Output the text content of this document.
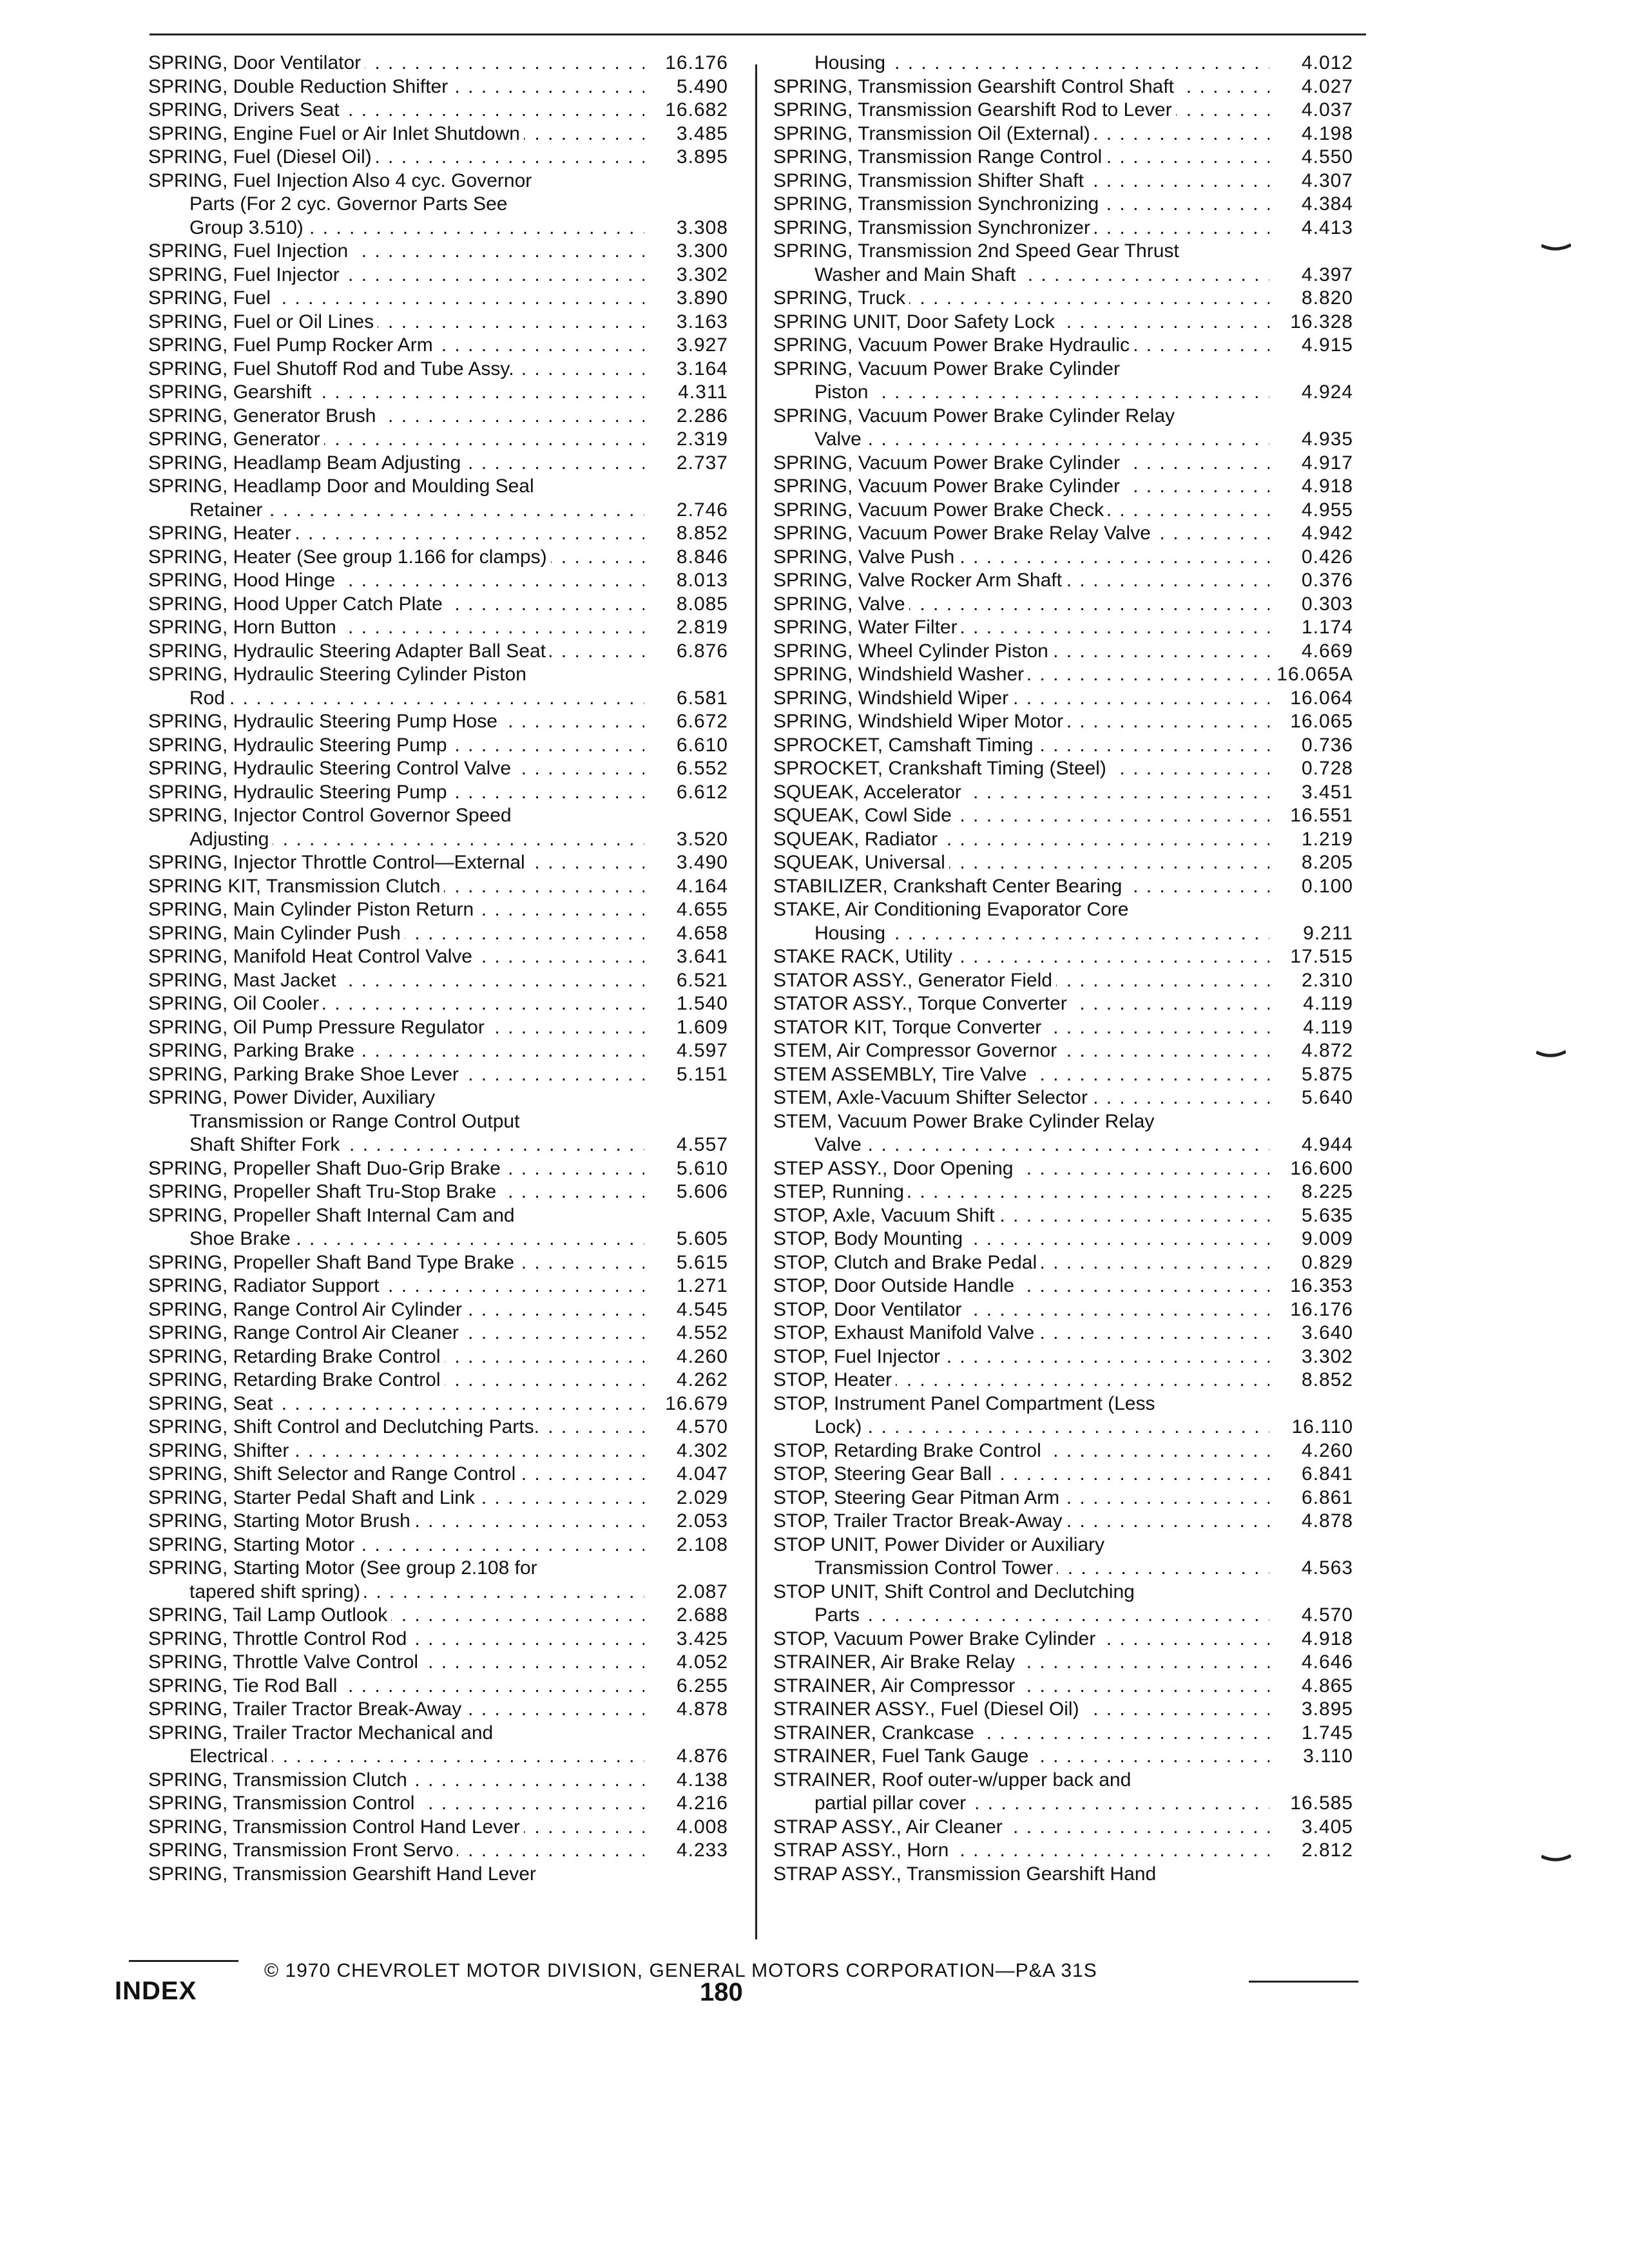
SPRING, Door Ventilator . . .	16.176
SPRING, Double Reduction Shifter . . .	5.490
SPRING, Drivers Seat . . .	16.682
SPRING, Engine Fuel or Air Inlet Shutdown . . .	3.485
SPRING, Fuel (Diesel Oil) . . .	3.895
SPRING, Fuel Injection Also 4 cyc. Governor
Parts (For 2 cyc. Governor Parts See
Group 3.510) . . .	3.308
SPRING, Fuel Injection . . .	3.300
SPRING, Fuel Injector . . .	3.302
SPRING, Fuel . . .	3.890
SPRING, Fuel or Oil Lines . . .	3.163
SPRING, Fuel Pump Rocker Arm . . .	3.927
SPRING, Fuel Shutoff Rod and Tube Assy. . . .	3.164
SPRING, Gearshift . . .	4.311
SPRING, Generator Brush . . .	2.286
SPRING, Generator . . .	2.319
SPRING, Headlamp Beam Adjusting . . .	2.737
SPRING, Headlamp Door and Moulding Seal
Retainer . . .	2.746
SPRING, Heater . . .	8.852
SPRING, Heater (See group 1.166 for clamps) . . .	8.846
SPRING, Hood Hinge . . .	8.013
SPRING, Hood Upper Catch Plate . . .	8.085
SPRING, Horn Button . . .	2.819
SPRING, Hydraulic Steering Adapter Ball Seat . . .	6.876
SPRING, Hydraulic Steering Cylinder Piston
Rod . . .	6.581
SPRING, Hydraulic Steering Pump Hose . . .	6.672
SPRING, Hydraulic Steering Pump . . .	6.610
SPRING, Hydraulic Steering Control Valve . . .	6.552
SPRING, Hydraulic Steering Pump . . .	6.612
SPRING, Injector Control Governor Speed
Adjusting . . .	3.520
SPRING, Injector Throttle Control—External . . .	3.490
SPRING KIT, Transmission Clutch . . .	4.164
SPRING, Main Cylinder Piston Return . . .	4.655
SPRING, Main Cylinder Push . . .	4.658
SPRING, Manifold Heat Control Valve . . .	3.641
SPRING, Mast Jacket . . .	6.521
SPRING, Oil Cooler . . .	1.540
SPRING, Oil Pump Pressure Regulator . . .	1.609
SPRING, Parking Brake . . .	4.597
SPRING, Parking Brake Shoe Lever . . .	5.151
SPRING, Power Divider, Auxiliary
Transmission or Range Control Output
Shaft Shifter Fork . . .	4.557
SPRING, Propeller Shaft Duo-Grip Brake . . .	5.610
SPRING, Propeller Shaft Tru-Stop Brake . . .	5.606
SPRING, Propeller Shaft Internal Cam and
Shoe Brake . . .	5.605
SPRING, Propeller Shaft Band Type Brake . . .	5.615
SPRING, Radiator Support . . .	1.271
SPRING, Range Control Air Cylinder . . .	4.545
SPRING, Range Control Air Cleaner . . .	4.552
SPRING, Retarding Brake Control . . .	4.260
SPRING, Retarding Brake Control . . .	4.262
SPRING, Seat . . .	16.679
SPRING, Shift Control and Declutching Parts. . . .	4.570
SPRING, Shifter . . .	4.302
SPRING, Shift Selector and Range Control . . .	4.047
SPRING, Starter Pedal Shaft and Link . . .	2.029
SPRING, Starting Motor Brush . . .	2.053
SPRING, Starting Motor . . .	2.108
SPRING, Starting Motor (See group 2.108 for
tapered shift spring) . . .	2.087
SPRING, Tail Lamp Outlook . . .	2.688
SPRING, Throttle Control Rod . . .	3.425
SPRING, Throttle Valve Control . . .	4.052
SPRING, Tie Rod Ball . . .	6.255
SPRING, Trailer Tractor Break-Away . . .	4.878
SPRING, Trailer Tractor Mechanical and
Electrical . . .	4.876
SPRING, Transmission Clutch . . .	4.138
SPRING, Transmission Control . . .	4.216
SPRING, Transmission Control Hand Lever . . .	4.008
SPRING, Transmission Front Servo . . .	4.233
SPRING, Transmission Gearshift Hand Lever
Housing . . .	4.012
SPRING, Transmission Gearshift Control Shaft . . .	4.027
SPRING, Transmission Gearshift Rod to Lever . . .	4.037
SPRING, Transmission Oil (External) . . .	4.198
SPRING, Transmission Range Control . . .	4.550
SPRING, Transmission Shifter Shaft . . .	4.307
SPRING, Transmission Synchronizing . . .	4.384
SPRING, Transmission Synchronizer . . .	4.413
SPRING, Transmission 2nd Speed Gear Thrust
Washer and Main Shaft . . .	4.397
SPRING, Truck . . .	8.820
SPRING UNIT, Door Safety Lock . . .	16.328
SPRING, Vacuum Power Brake Hydraulic . . .	4.915
SPRING, Vacuum Power Brake Cylinder
Piston . . .	4.924
SPRING, Vacuum Power Brake Cylinder Relay
Valve . . .	4.935
SPRING, Vacuum Power Brake Cylinder . . .	4.917
SPRING, Vacuum Power Brake Cylinder . . .	4.918
SPRING, Vacuum Power Brake Check . . .	4.955
SPRING, Vacuum Power Brake Relay Valve . . .	4.942
SPRING, Valve Push . . .	0.426
SPRING, Valve Rocker Arm Shaft . . .	0.376
SPRING, Valve . . .	0.303
SPRING, Water Filter . . .	1.174
SPRING, Wheel Cylinder Piston . . .	4.669
SPRING, Windshield Washer . . .	16.065A
SPRING, Windshield Wiper . . .	16.064
SPRING, Windshield Wiper Motor . . .	16.065
SPROCKET, Camshaft Timing . . .	0.736
SPROCKET, Crankshaft Timing (Steel) . . .	0.728
SQUEAK, Accelerator . . .	3.451
SQUEAK, Cowl Side . . .	16.551
SQUEAK, Radiator . . .	1.219
SQUEAK, Universal . . .	8.205
STABILIZER, Crankshaft Center Bearing . . .	0.100
STAKE, Air Conditioning Evaporator Core
Housing . . .	9.211
STAKE RACK, Utility . . .	17.515
STATOR ASSY., Generator Field . . .	2.310
STATOR ASSY., Torque Converter . . .	4.119
STATOR KIT, Torque Converter . . .	4.119
STEM, Air Compressor Governor . . .	4.872
STEM ASSEMBLY, Tire Valve . . .	5.875
STEM, Axle-Vacuum Shifter Selector . . .	5.640
STEM, Vacuum Power Brake Cylinder Relay
Valve . . .	4.944
STEP ASSY., Door Opening . . .	16.600
STEP, Running . . .	8.225
STOP, Axle, Vacuum Shift . . .	5.635
STOP, Body Mounting . . .	9.009
STOP, Clutch and Brake Pedal . . .	0.829
STOP, Door Outside Handle . . .	16.353
STOP, Door Ventilator . . .	16.176
STOP, Exhaust Manifold Valve . . .	3.640
STOP, Fuel Injector . . .	3.302
STOP, Heater . . .	8.852
STOP, Instrument Panel Compartment (Less
Lock) . . .	16.110
STOP, Retarding Brake Control . . .	4.260
STOP, Steering Gear Ball . . .	6.841
STOP, Steering Gear Pitman Arm . . .	6.861
STOP, Trailer Tractor Break-Away . . .	4.878
STOP UNIT, Power Divider or Auxiliary
Transmission Control Tower . . .	4.563
STOP UNIT, Shift Control and Declutching
Parts . . .	4.570
STOP, Vacuum Power Brake Cylinder . . .	4.918
STRAINER, Air Brake Relay . . .	4.646
STRAINER, Air Compressor . . .	4.865
STRAINER ASSY., Fuel (Diesel Oil) . . .	3.895
STRAINER, Crankcase . . .	1.745
STRAINER, Fuel Tank Gauge . . .	3.110
STRAINER, Roof outer-w/upper back and
partial pillar cover . . .	16.585
STRAP ASSY., Air Cleaner . . .	3.405
STRAP ASSY., Horn . . .	2.812
STRAP ASSY., Transmission Gearshift Hand
INDEX
© 1970 CHEVROLET MOTOR DIVISION, GENERAL MOTORS CORPORATION—P&A 31S
180
